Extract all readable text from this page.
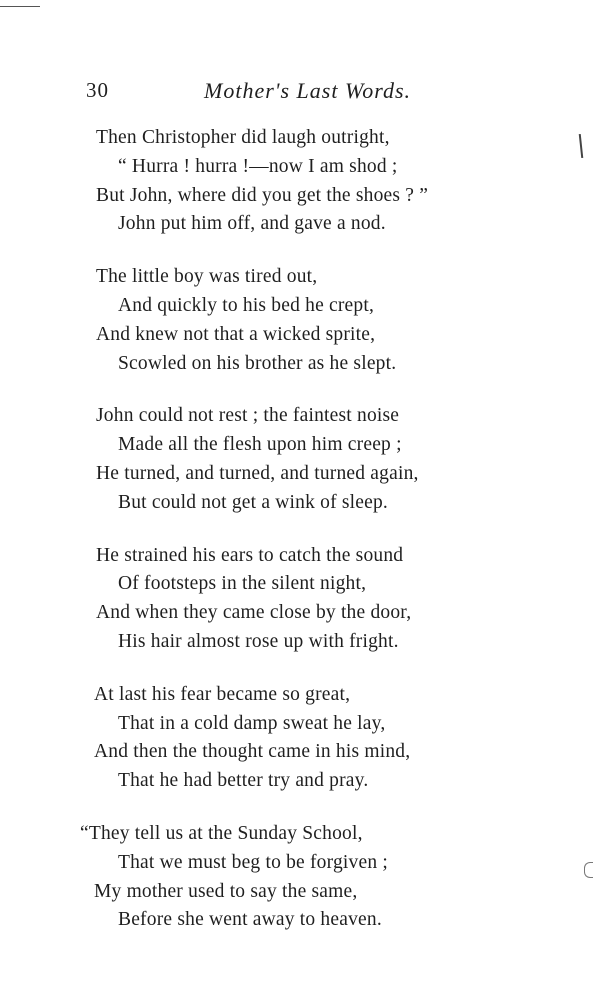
30	Mother's Last Words.
Then Christopher did laugh outright,
“ Hurra ! hurra !—now I am shod ;
But John, where did you get the shoes ? ”
John put him off, and gave a nod.
The little boy was tired out,
And quickly to his bed he crept,
And knew not that a wicked sprite,
Scowled on his brother as he slept.
John could not rest ; the faintest noise
Made all the flesh upon him creep ;
He turned, and turned, and turned again,
But could not get a wink of sleep.
He strained his ears to catch the sound
Of footsteps in the silent night,
And when they came close by the door,
His hair almost rose up with fright.
At last his fear became so great,
That in a cold damp sweat he lay,
And then the thought came in his mind,
That he had better try and pray.
“They tell us at the Sunday School,
That we must beg to be forgiven ;
My mother used to say the same,
Before she went away to heaven.
